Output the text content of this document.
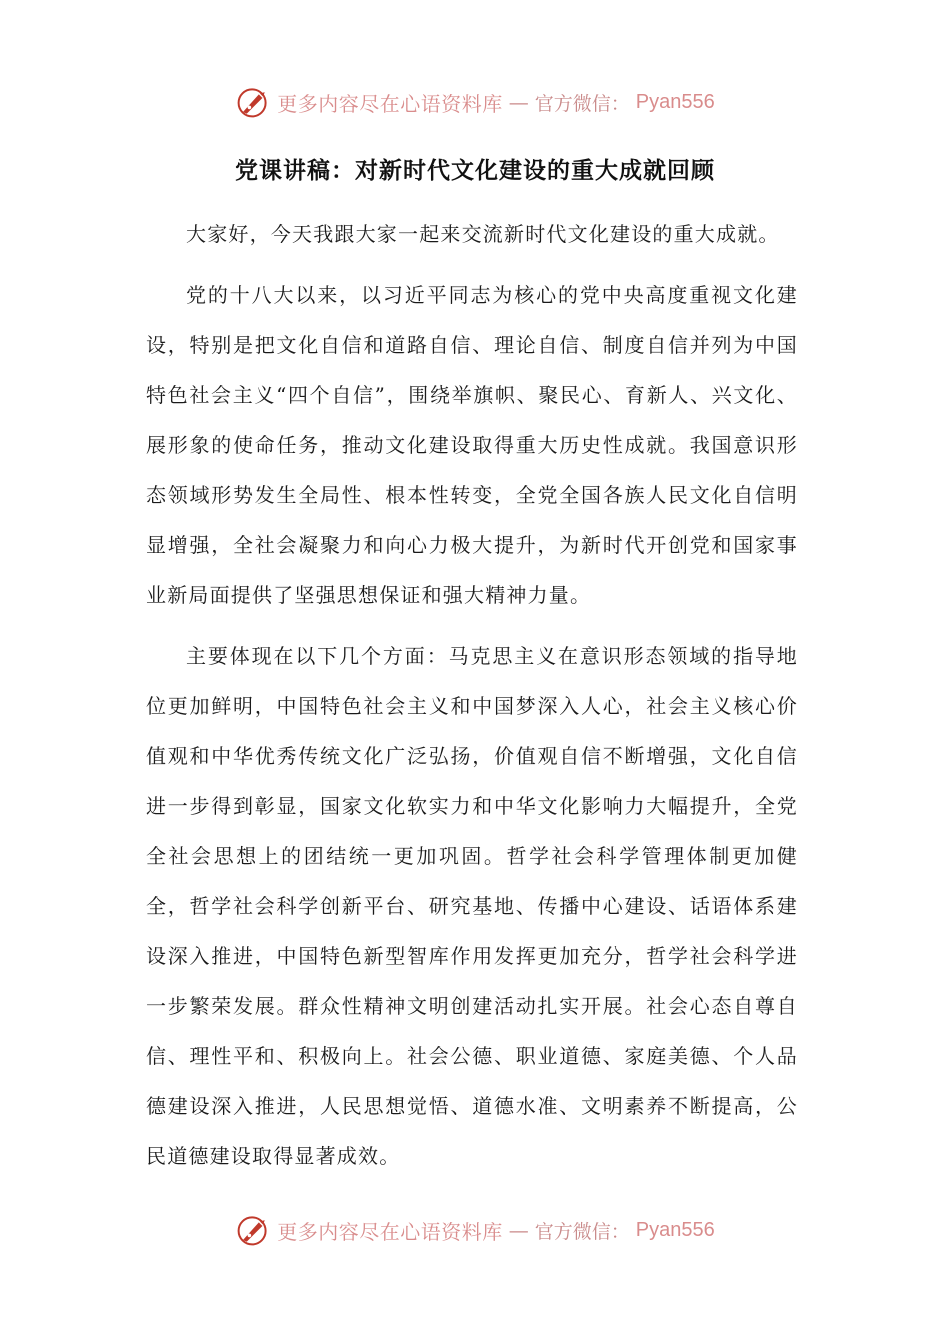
更多内容尽在心语资料库 — 官方微信： Pyan556
党课讲稿：对新时代文化建设的重大成就回顾

大家好，今天我跟大家一起来交流新时代文化建设的重大成就。

党的十八大以来，以习近平同志为核心的党中央高度重视文化建设，特别是把文化自信和道路自信、理论自信、制度自信并列为中国特色社会主义“四个自信”，围绕举旗帜、聚民心、育新人、兴文化、展形象的使命任务，推动文化建设取得重大历史性成就。我国意识形态领域形势发生全局性、根本性转变，全党全国各族人民文化自信明显增强，全社会凝聚力和向心力极大提升，为新时代开创党和国家事业新局面提供了坚强思想保证和强大精神力量。

主要体现在以下几个方面：马克思主义在意识形态领域的指导地位更加鲜明，中国特色社会主义和中国梦深入人心，社会主义核心价值观和中华优秀传统文化广泛弘扬，价值观自信不断增强，文化自信进一步得到彰显，国家文化软实力和中华文化影响力大幅提升，全党全社会思想上的团结统一更加巩固。哲学社会科学管理体制更加健全，哲学社会科学创新平台、研究基地、传播中心建设、话语体系建设深入推进，中国特色新型智库作用发挥更加充分，哲学社会科学进一步繁荣发展。群众性精神文明创建活动扎实开展。社会心态自尊自信、理性平和、积极向上。社会公德、职业道德、家庭美德、个人品德建设深入推进，人民思想觉悟、道德水准、文明素养不断提高，公民道德建设取得显著成效。

更多内容尽在心语资料库 — 官方微信： Pyan556
